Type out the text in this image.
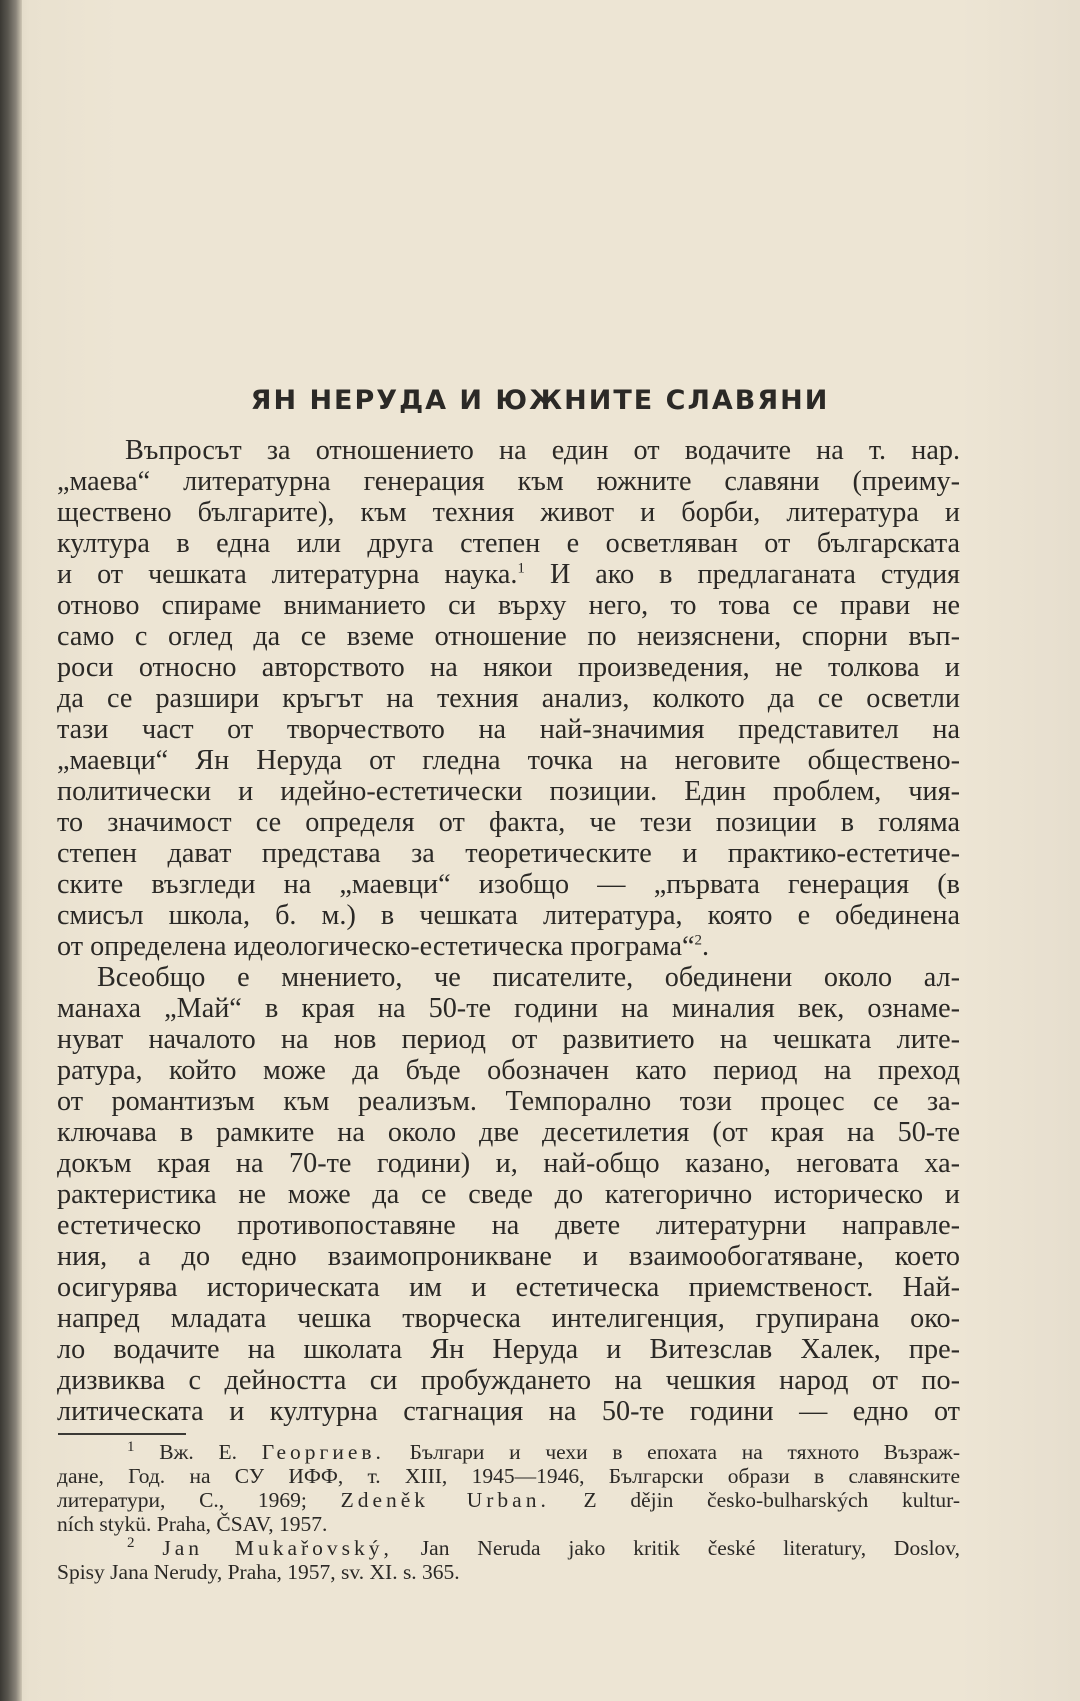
ЯН НЕРУДА И ЮЖНИТЕ СЛАВЯНИ
Въпросът за отношението на един от водачите на т. нар.
„маева“ литературна генерация към южните славяни (преиму-
ществено българите), към техния живот и борби, литература и
култура в една или друга степен е осветляван от българската
и от чешката литературна наука.$^1$ И ако в предлаганата студия
отново спираме вниманието си върху него, то това се прави не
само с оглед да се вземе отношение по неизяснени, спорни въп-
роси относно авторството на някои произведения, не толкова и
да се разшири кръгът на техния анализ, колкото да се осветли
тази част от творчеството на най-значимия представител на
„маевци“ Ян Неруда от гледна точка на неговите обществено-
политически и идейно-естетически позиции. Един проблем, чия-
то значимост се определя от факта, че тези позиции в голяма
степен дават представа за теоретическите и практико-естетиче-
ските възгледи на „маевци“ изобщо — „първата генерация (в
смисъл школа, б. м.) в чешката литература, която е обединена
от определена идеологическо-естетическа програма“$^2$.
Всеобщо е мнението, че писателите, обединени около ал-
манаха „Май“ в края на 50-те години на миналия век, ознаме-
нуват началото на нов период от развитието на чешката лите-
ратура, който може да бъде обозначен като период на преход
от романтизъм към реализъм. Темпорално този процес се за-
ключава в рамките на около две десетилетия (от края на 50-те
докъм края на 70-те години) и, най-общо казано, неговата ха-
рактеристика не може да се сведе до категорично историческо и
естетическо противопоставяне на двете литературни направле-
ния, а до едно взаимопроникване и взаимообогатяване, което
осигурява историческата им и естетическа приемственост. Най-
напред младата чешка творческа интелигенция, групирана око-
ло водачите на школата Ян Неруда и Витезслав Халек, пре-
дизвиква с дейността си пробуждането на чешкия народ от по-
литическата и културна стагнация на 50-те години — едно от
$^1$ Вж. Е. Георгиев. Българи и чехи в епохата на тяхното Възраж-
дане, Год. на СУ ИФФ, т. XIII, 1945—1946, Български образи в славянските
литератури, С., 1969; Zdeněk Urban. Z dějin česko-bulharských kultur-
ních stykü. Praha, ČSAV, 1957.
$^2$ Jan Mukařovský, Jan Neruda jako kritik české literatury, Doslov,
Spisy Jana Nerudy, Praha, 1957, sv. XI. s. 365.
